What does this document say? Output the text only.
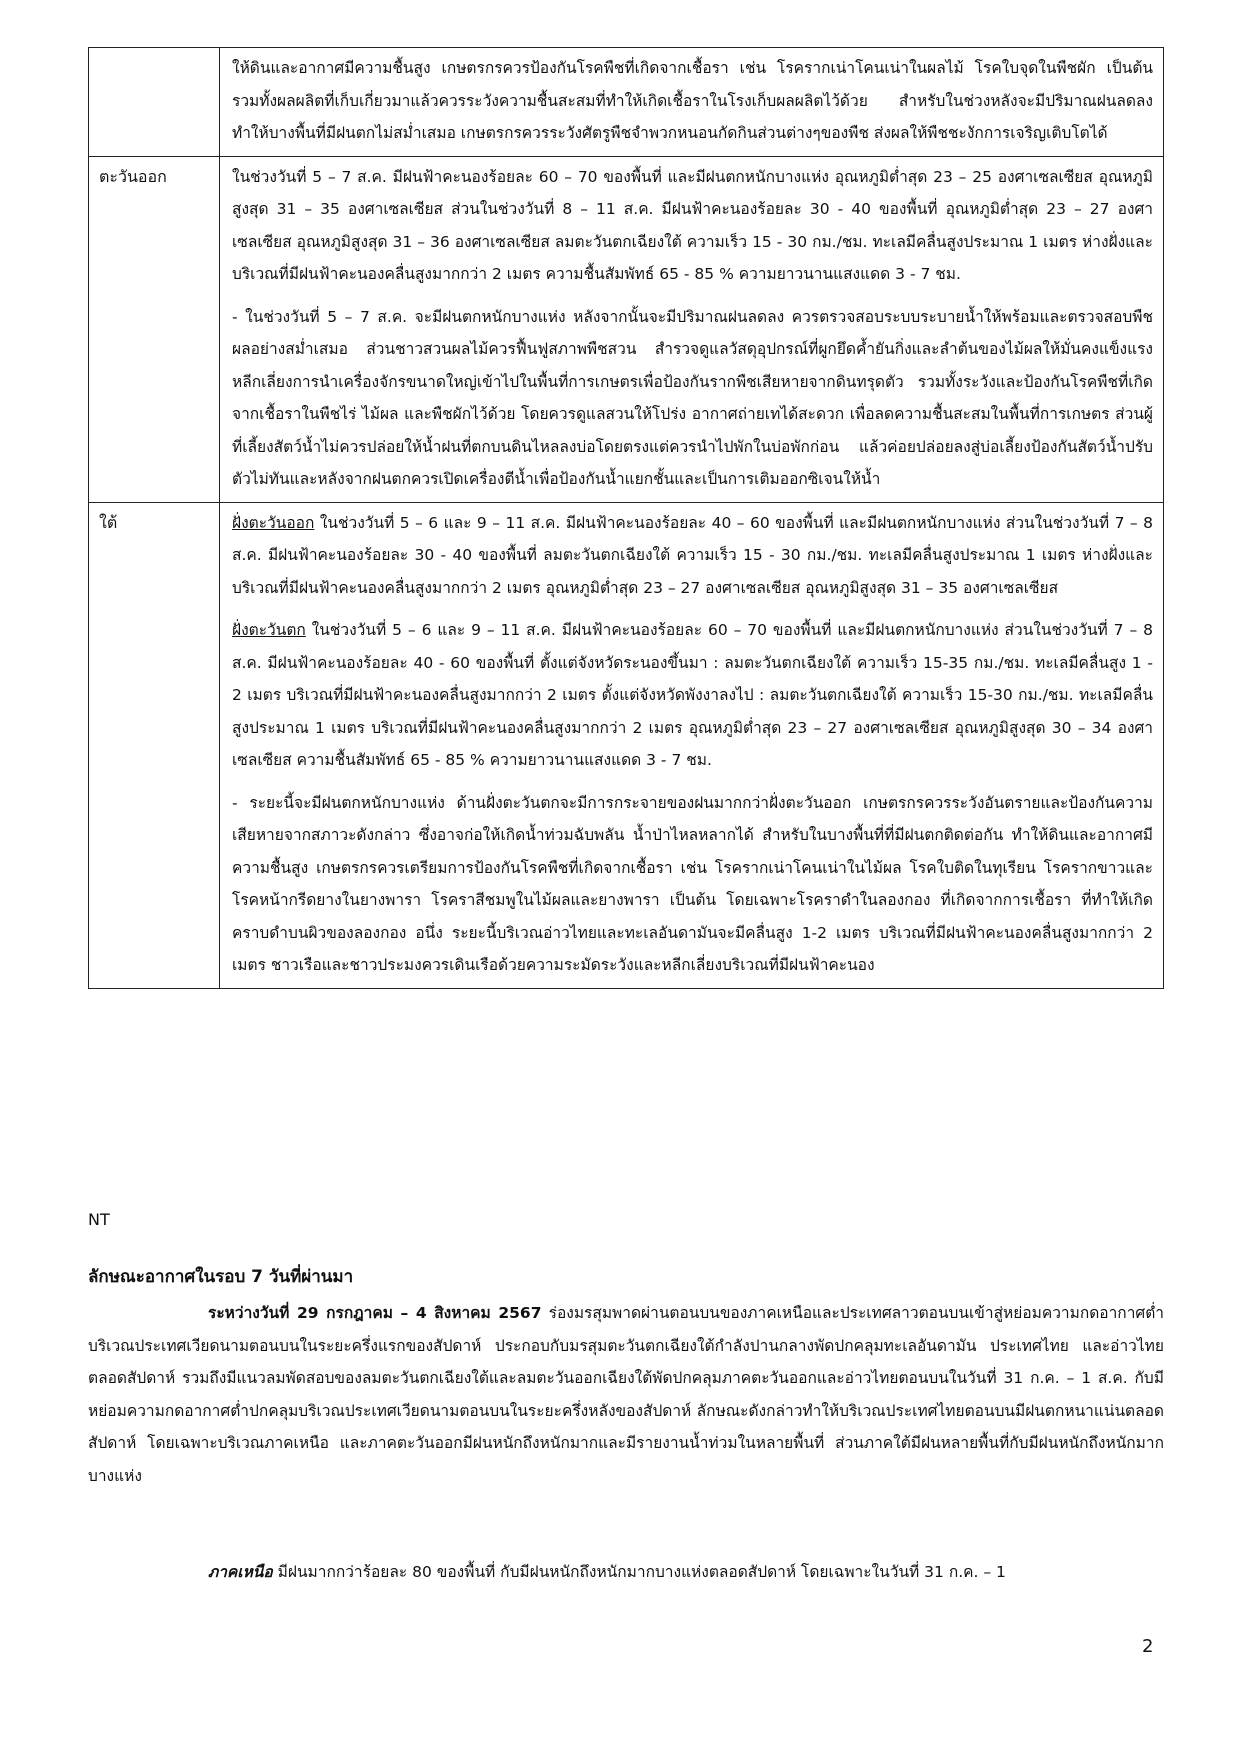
	ให้ดินและอากาศมีความชื้นสูง เกษตรกรควรป้องกันโรคพืชที่เกิดจากเชื้อรา เช่น โรครากเน่าโคนเน่าในผลไม้ โรคใบจุดในพืชผัก เป็นต้น รวมทั้งผลผลิตที่เก็บเกี่ยวมาแล้วควรระวังความชื้นสะสมที่ทำให้เกิดเชื้อราในโรงเก็บผลผลิตไว้ด้วย สำหรับในช่วงหลังจะมีปริมาณฝนลดลง ทำให้บางพื้นที่มีฝนตกไม่สม่ำเสมอ เกษตรกรควรระวังศัตรูพืชจำพวกหนอนกัดกินส่วนต่างๆของพืช ส่งผลให้พืชชะงักการเจริญเติบโตได้

ตะวันออก	ในช่วงวันที่ 5 – 7 ส.ค. มีฝนฟ้าคะนองร้อยละ 60 – 70 ของพื้นที่ และมีฝนตกหนักบางแห่ง อุณหภูมิต่ำสุด 23 – 25 องศาเซลเซียส อุณหภูมิสูงสุด 31 – 35 องศาเซลเซียส ส่วนในช่วงวันที่ 8 – 11 ส.ค. มีฝนฟ้าคะนองร้อยละ 30 - 40 ของพื้นที่ อุณหภูมิต่ำสุด 23 – 27 องศาเซลเซียส อุณหภูมิสูงสุด 31 – 36 องศาเซลเซียส ลมตะวันตกเฉียงใต้ ความเร็ว 15 - 30 กม./ชม. ทะเลมีคลื่นสูงประมาณ 1 เมตร ห่างฝั่งและบริเวณที่มีฝนฟ้าคะนองคลื่นสูงมากกว่า 2 เมตร ความชื้นสัมพัทธ์ 65 - 85 % ความยาวนานแสงแดด 3 - 7 ชม.

- ในช่วงวันที่ 5 – 7 ส.ค. จะมีฝนตกหนักบางแห่ง หลังจากนั้นจะมีปริมาณฝนลดลง ควรตรวจสอบระบบระบายน้ำให้พร้อมและตรวจสอบพืชผลอย่างสม่ำเสมอ ส่วนชาวสวนผลไม้ควรฟื้นฟูสภาพพืชสวน สำรวจดูแลวัสดุอุปกรณ์ที่ผูกยึดค้ำยันกิ่งและลำต้นของไม้ผลให้มั่นคงแข็งแรง หลีกเลี่ยงการนำเครื่องจักรขนาดใหญ่เข้าไปในพื้นที่การเกษตรเพื่อป้องกันรากพืชเสียหายจากดินทรุดตัว รวมทั้งระวังและป้องกันโรคพืชที่เกิดจากเชื้อราในพืชไร่ ไม้ผล และพืชผักไว้ด้วย โดยควรดูแลสวนให้โปร่ง อากาศถ่ายเทได้สะดวก เพื่อลดความชื้นสะสมในพื้นที่การเกษตร ส่วนผู้ที่เลี้ยงสัตว์น้ำไม่ควรปล่อยให้น้ำฝนที่ตกบนดินไหลลงบ่อโดยตรงแต่ควรนำไปพักในบ่อพักก่อน แล้วค่อยปล่อยลงสู่บ่อเลี้ยงป้องกันสัตว์น้ำปรับตัวไม่ทันและหลังจากฝนตกควรเปิดเครื่องตีน้ำเพื่อป้องกันน้ำแยกชั้นและเป็นการเติมออกซิเจนให้น้ำ

ใต้	ฝั่งตะวันออก ในช่วงวันที่ 5 – 6 และ 9 – 11 ส.ค. มีฝนฟ้าคะนองร้อยละ 40 – 60 ของพื้นที่ และมีฝนตกหนักบางแห่ง ส่วนในช่วงวันที่ 7 – 8 ส.ค. มีฝนฟ้าคะนองร้อยละ 30 - 40 ของพื้นที่ ลมตะวันตกเฉียงใต้ ความเร็ว 15 - 30 กม./ชม. ทะเลมีคลื่นสูงประมาณ 1 เมตร ห่างฝั่งและบริเวณที่มีฝนฟ้าคะนองคลื่นสูงมากกว่า 2 เมตร อุณหภูมิต่ำสุด 23 – 27 องศาเซลเซียส อุณหภูมิสูงสุด 31 – 35 องศาเซลเซียส

ฝั่งตะวันตก ในช่วงวันที่ 5 – 6 และ 9 – 11 ส.ค. มีฝนฟ้าคะนองร้อยละ 60 – 70 ของพื้นที่ และมีฝนตกหนักบางแห่ง ส่วนในช่วงวันที่ 7 – 8 ส.ค. มีฝนฟ้าคะนองร้อยละ 40 - 60 ของพื้นที่ ตั้งแต่จังหวัดระนองขึ้นมา : ลมตะวันตกเฉียงใต้ ความเร็ว 15-35 กม./ชม. ทะเลมีคลื่นสูง 1 - 2 เมตร บริเวณที่มีฝนฟ้าคะนองคลื่นสูงมากกว่า 2 เมตร ตั้งแต่จังหวัดพังงาลงไป : ลมตะวันตกเฉียงใต้ ความเร็ว 15-30 กม./ชม. ทะเลมีคลื่นสูงประมาณ 1 เมตร บริเวณที่มีฝนฟ้าคะนองคลื่นสูงมากกว่า 2 เมตร อุณหภูมิต่ำสุด 23 – 27 องศาเซลเซียส อุณหภูมิสูงสุด 30 – 34 องศาเซลเซียส ความชื้นสัมพัทธ์ 65 - 85 % ความยาวนานแสงแดด 3 - 7 ชม.

- ระยะนี้จะมีฝนตกหนักบางแห่ง ด้านฝั่งตะวันตกจะมีการกระจายของฝนมากกว่าฝั่งตะวันออก เกษตรกรควรระวังอันตรายและป้องกันความเสียหายจากสภาวะดังกล่าว ซึ่งอาจก่อให้เกิดน้ำท่วมฉับพลัน น้ำป่าไหลหลากได้ สำหรับในบางพื้นที่ที่มีฝนตกติดต่อกัน ทำให้ดินและอากาศมีความชื้นสูง เกษตรกรควรเตรียมการป้องกันโรคพืชที่เกิดจากเชื้อรา เช่น โรครากเน่าโคนเน่าในไม้ผล โรคใบติดในทุเรียน โรครากขาวและโรคหน้ากรีดยางในยางพารา โรคราสีชมพูในไม้ผลและยางพารา เป็นต้น โดยเฉพาะโรคราดำในลองกอง ที่เกิดจากการเชื้อรา ที่ทำให้เกิดคราบดำบนผิวของลองกอง อนึ่ง ระยะนี้บริเวณอ่าวไทยและทะเลอันดามันจะมีคลื่นสูง 1-2 เมตร บริเวณที่มีฝนฟ้าคะนองคลื่นสูงมากกว่า 2 เมตร ชาวเรือและชาวประมงควรเดินเรือด้วยความระมัดระวังและหลีกเลี่ยงบริเวณที่มีฝนฟ้าคะนอง

NT
ลักษณะอากาศในรอบ 7 วันที่ผ่านมา

ระหว่างวันที่ 29 กรกฎาคม – 4 สิงหาคม 2567 ร่องมรสุมพาดผ่านตอนบนของภาคเหนือและประเทศลาวตอนบนเข้าสู่หย่อมความกดอากาศต่ำบริเวณประเทศเวียดนามตอนบนในระยะครึ่งแรกของสัปดาห์ ประกอบกับมรสุมตะวันตกเฉียงใต้กำลังปานกลางพัดปกคลุมทะเลอันดามัน ประเทศไทย และอ่าวไทยตลอดสัปดาห์ รวมถึงมีแนวลมพัดสอบของลมตะวันตกเฉียงใต้และลมตะวันออกเฉียงใต้พัดปกคลุมภาคตะวันออกและอ่าวไทยตอนบนในวันที่ 31 ก.ค. – 1 ส.ค. กับมีหย่อมความกดอากาศต่ำปกคลุมบริเวณประเทศเวียดนามตอนบนในระยะครึ่งหลังของสัปดาห์ ลักษณะดังกล่าวทำให้บริเวณประเทศไทยตอนบนมีฝนตกหนาแน่นตลอดสัปดาห์ โดยเฉพาะบริเวณภาคเหนือ และภาคตะวันออกมีฝนหนักถึงหนักมากและมีรายงานน้ำท่วมในหลายพื้นที่ ส่วนภาคใต้มีฝนหลายพื้นที่กับมีฝนหนักถึงหนักมากบางแห่ง

ภาคเหนือ มีฝนมากกว่าร้อยละ 80 ของพื้นที่ กับมีฝนหนักถึงหนักมากบางแห่งตลอดสัปดาห์ โดยเฉพาะในวันที่ 31 ก.ค. – 1

2
